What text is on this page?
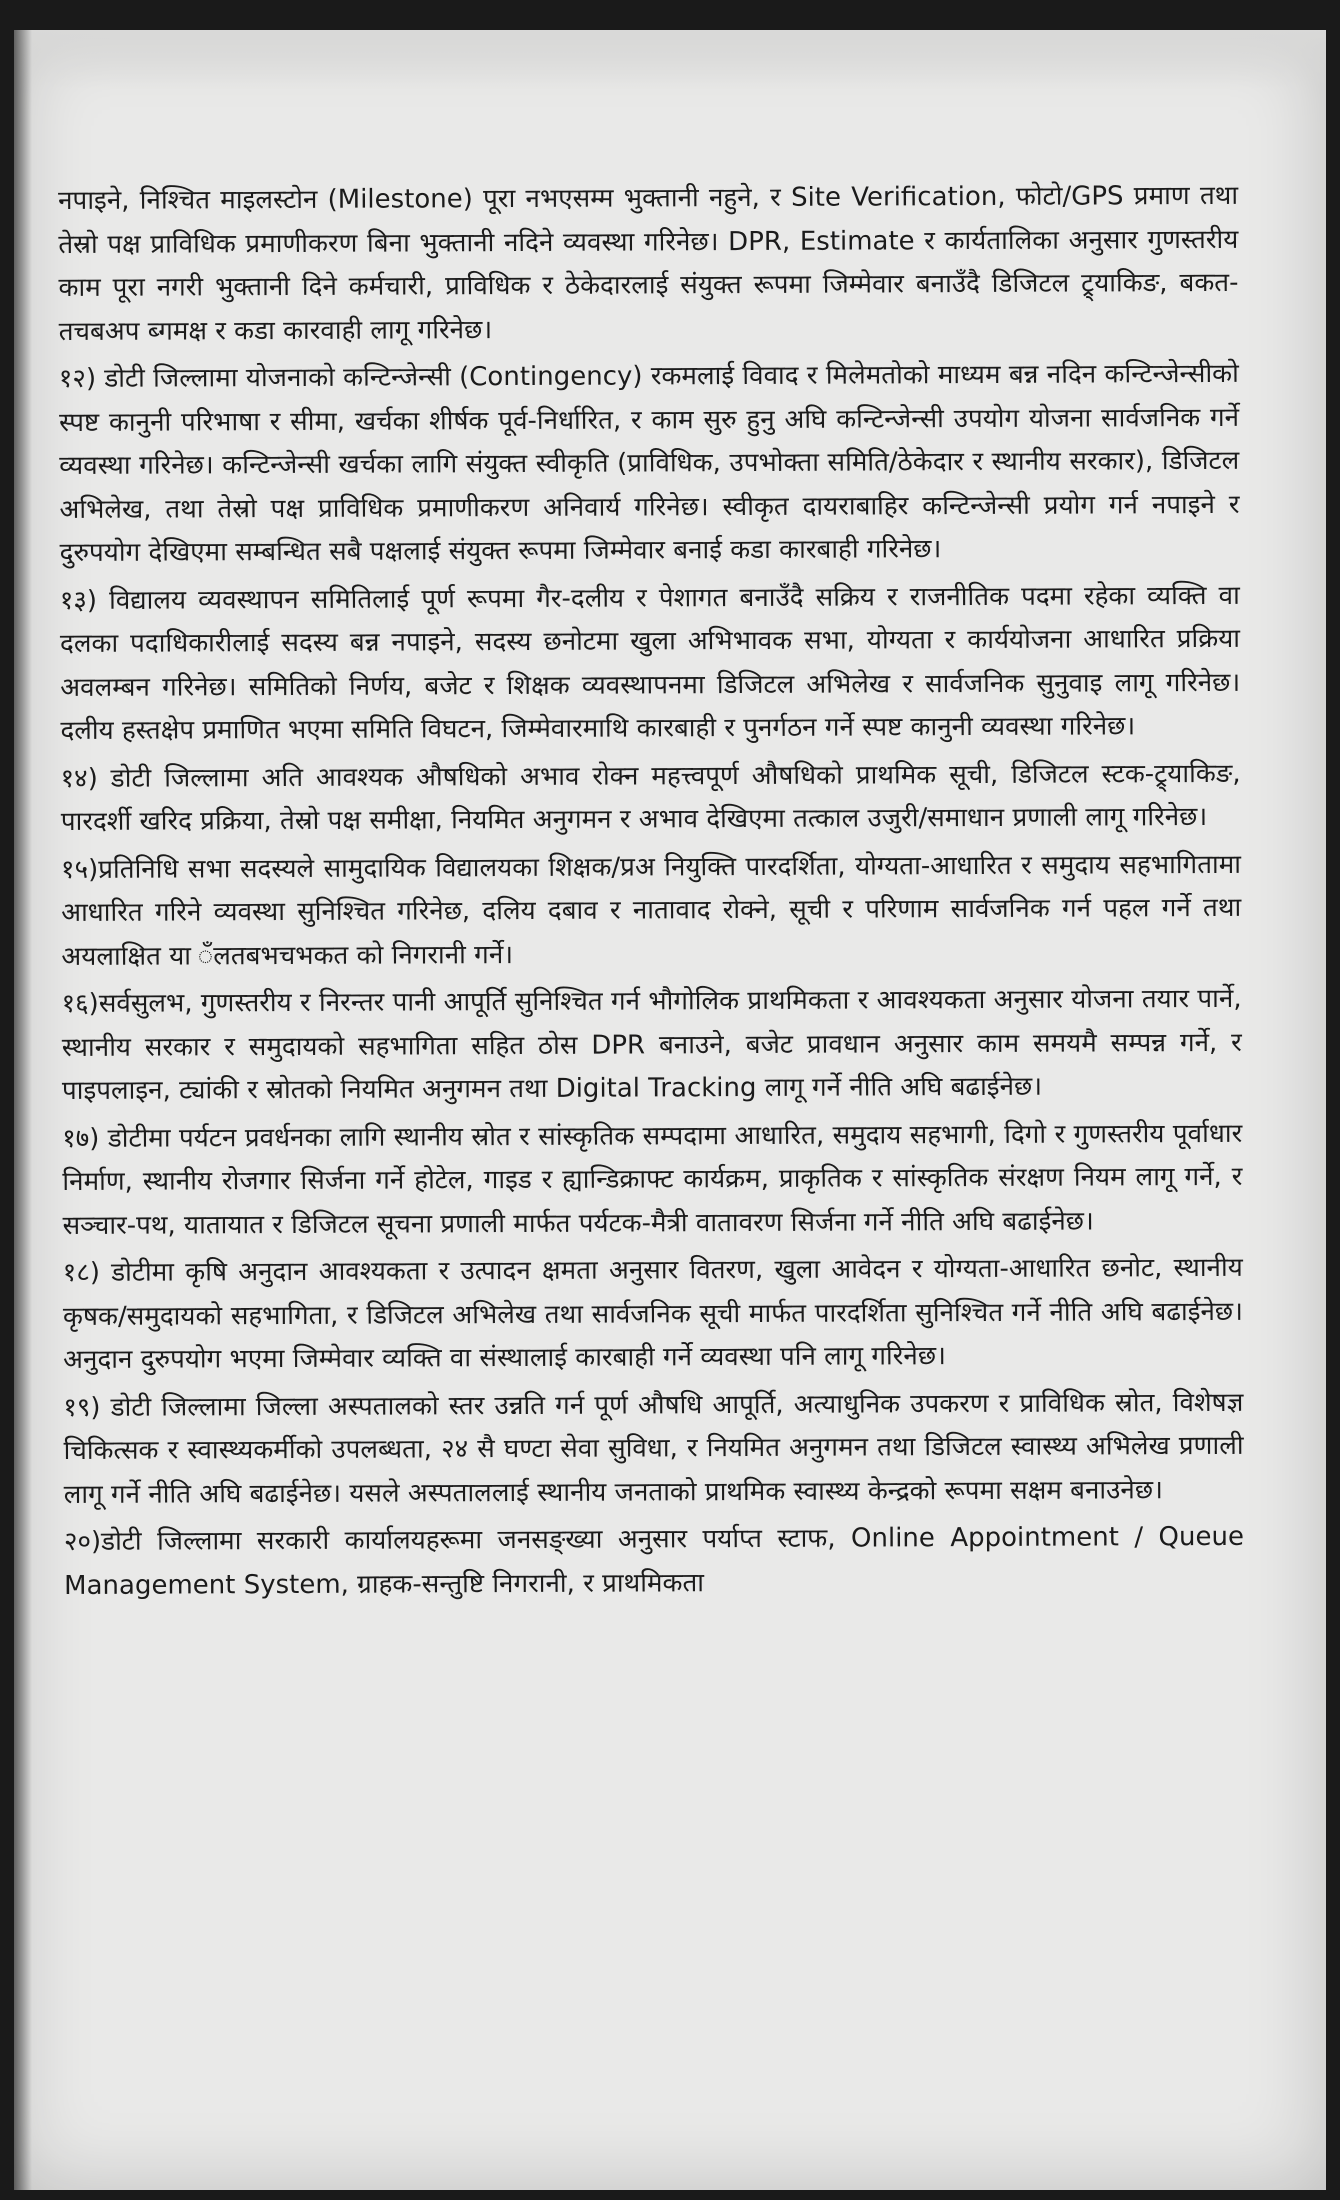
नपाइने, निश्चित माइलस्टोन (Milestone) पूरा नभएसम्म भुक्तानी नहुने, र Site Verification, फोटो/GPS प्रमाण तथा तेस्रो पक्ष प्राविधिक प्रमाणीकरण बिना भुक्तानी नदिने व्यवस्था गरिनेछ। DPR, Estimate र कार्यतालिका अनुसार गुणस्तरीय काम पूरा नगरी भुक्तानी दिने कर्मचारी, प्राविधिक र ठेकेदारलाई संयुक्त रूपमा जिम्मेवार बनाउँदै डिजिटल ट्र्याकिङ, बकत-तचबअप ब्गमक्ष र कडा कारवाही लागू गरिनेछ।

१२) डोटी जिल्लामा योजनाको कन्टिन्जेन्सी (Contingency) रकमलाई विवाद र मिलेमतोको माध्यम बन्न नदिन कन्टिन्जेन्सीको स्पष्ट कानुनी परिभाषा र सीमा, खर्चका शीर्षक पूर्व-निर्धारित, र काम सुरु हुनु अघि कन्टिन्जेन्सी उपयोग योजना सार्वजनिक गर्ने व्यवस्था गरिनेछ। कन्टिन्जेन्सी खर्चका लागि संयुक्त स्वीकृति (प्राविधिक, उपभोक्ता समिति/ठेकेदार र स्थानीय सरकार), डिजिटल अभिलेख, तथा तेस्रो पक्ष प्राविधिक प्रमाणीकरण अनिवार्य गरिनेछ। स्वीकृत दायराबाहिर कन्टिन्जेन्सी प्रयोग गर्न नपाइने र दुरुपयोग देखिएमा सम्बन्धित सबै पक्षलाई संयुक्त रूपमा जिम्मेवार बनाई कडा कारबाही गरिनेछ।

१३) विद्यालय व्यवस्थापन समितिलाई पूर्ण रूपमा गैर-दलीय र पेशागत बनाउँदै सक्रिय र राजनीतिक पदमा रहेका व्यक्ति वा दलका पदाधिकारीलाई सदस्य बन्न नपाइने, सदस्य छनोटमा खुला अभिभावक सभा, योग्यता र कार्ययोजना आधारित प्रक्रिया अवलम्बन गरिनेछ। समितिको निर्णय, बजेट र शिक्षक व्यवस्थापनमा डिजिटल अभिलेख र सार्वजनिक सुनुवाइ लागू गरिनेछ। दलीय हस्तक्षेप प्रमाणित भएमा समिति विघटन, जिम्मेवारमाथि कारबाही र पुनर्गठन गर्ने स्पष्ट कानुनी व्यवस्था गरिनेछ।

१४) डोटी जिल्लामा अति आवश्यक औषधिको अभाव रोक्न महत्त्वपूर्ण औषधिको प्राथमिक सूची, डिजिटल स्टक-ट्र्याकिङ, पारदर्शी खरिद प्रक्रिया, तेस्रो पक्ष समीक्षा, नियमित अनुगमन र अभाव देखिएमा तत्काल उजुरी/समाधान प्रणाली लागू गरिनेछ।

१५)प्रतिनिधि सभा सदस्यले सामुदायिक विद्यालयका शिक्षक/प्रअ नियुक्ति पारदर्शिता, योग्यता-आधारित र समुदाय सहभागितामा आधारित गरिने व्यवस्था सुनिश्चित गरिनेछ, दलिय दबाव र नातावाद रोक्ने, सूची र परिणाम सार्वजनिक गर्न पहल गर्ने तथा अयलाक्षित या ँलतबभचभकत को निगरानी गर्ने।

१६)सर्वसुलभ, गुणस्तरीय र निरन्तर पानी आपूर्ति सुनिश्चित गर्न भौगोलिक प्राथमिकता र आवश्यकता अनुसार योजना तयार पार्ने, स्थानीय सरकार र समुदायको सहभागिता सहित ठोस DPR बनाउने, बजेट प्रावधान अनुसार काम समयमै सम्पन्न गर्ने, र पाइपलाइन, ट्यांकी र स्रोतको नियमित अनुगमन तथा Digital Tracking लागू गर्ने नीति अघि बढाईनेछ।

१७) डोटीमा पर्यटन प्रवर्धनका लागि स्थानीय स्रोत र सांस्कृतिक सम्पदामा आधारित, समुदाय सहभागी, दिगो र गुणस्तरीय पूर्वाधार निर्माण, स्थानीय रोजगार सिर्जना गर्ने होटेल, गाइड र ह्यान्डिक्राफ्ट कार्यक्रम, प्राकृतिक र सांस्कृतिक संरक्षण नियम लागू गर्ने, र सञ्चार-पथ, यातायात र डिजिटल सूचना प्रणाली मार्फत पर्यटक-मैत्री वातावरण सिर्जना गर्ने नीति अघि बढाईनेछ।

१८) डोटीमा कृषि अनुदान आवश्यकता र उत्पादन क्षमता अनुसार वितरण, खुला आवेदन र योग्यता-आधारित छनोट, स्थानीय कृषक/समुदायको सहभागिता, र डिजिटल अभिलेख तथा सार्वजनिक सूची मार्फत पारदर्शिता सुनिश्चित गर्ने नीति अघि बढाईनेछ। अनुदान दुरुपयोग भएमा जिम्मेवार व्यक्ति वा संस्थालाई कारबाही गर्ने व्यवस्था पनि लागू गरिनेछ।

१९) डोटी जिल्लामा जिल्ला अस्पतालको स्तर उन्नति गर्न पूर्ण औषधि आपूर्ति, अत्याधुनिक उपकरण र प्राविधिक स्रोत, विशेषज्ञ चिकित्सक र स्वास्थ्यकर्मीको उपलब्धता, २४ सै घण्टा सेवा सुविधा, र नियमित अनुगमन तथा डिजिटल स्वास्थ्य अभिलेख प्रणाली लागू गर्ने नीति अघि बढाईनेछ। यसले अस्पताललाई स्थानीय जनताको प्राथमिक स्वास्थ्य केन्द्रको रूपमा सक्षम बनाउनेछ।

२०)डोटी जिल्लामा सरकारी कार्यालयहरूमा जनसङ्ख्या अनुसार पर्याप्त स्टाफ, Online Appointment / Queue Management System, ग्राहक-सन्तुष्टि निगरानी, र प्राथमिकता
